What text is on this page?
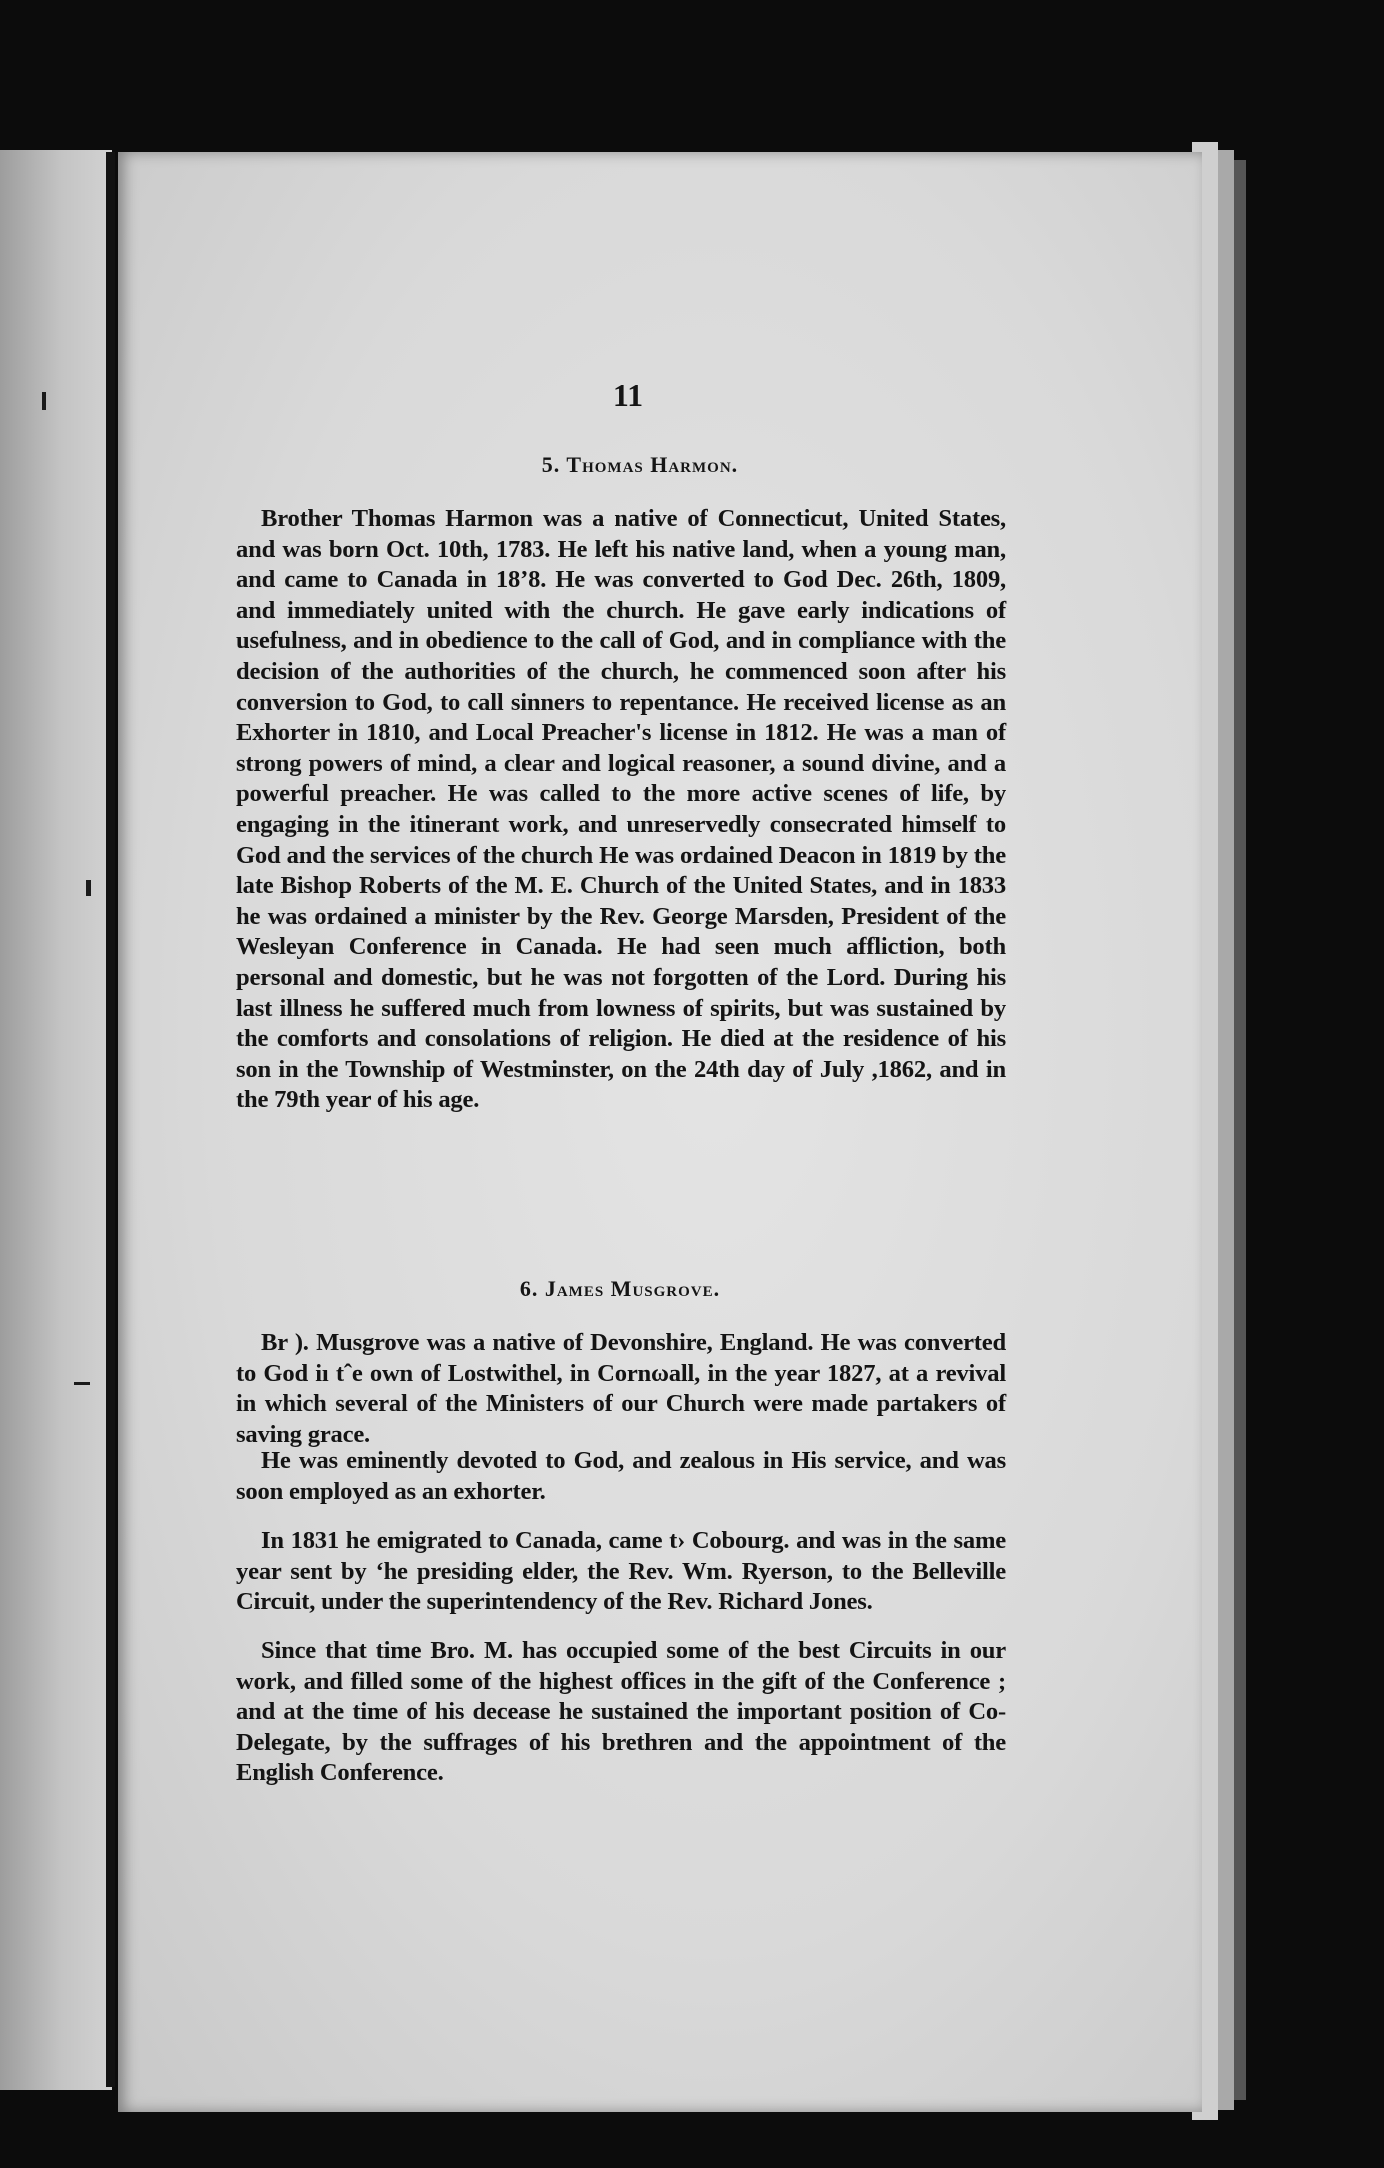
11
5. Thomas Harmon.

Brother Thomas Harmon was a native of Connecticut, United States, and was born Oct. 10th, 1783. He left his native land, when a young man, and came to Canada in 18’8. He was converted to God Dec. 26th, 1809, and immediately united with the church. He gave early indications of usefulness, and in obedience to the call of God, and in compliance with the decision of the authorities of the church, he commenced soon after his conversion to God, to call sinners to repentance. He received license as an Exhorter in 1810, and Local Preacher's license in 1812. He was a man of strong powers of mind, a clear and logical reasoner, a sound divine, and a powerful preacher. He was called to the more active scenes of life, by engaging in the itinerant work, and unreservedly consecrated himself to God and the services of the church He was ordained Deacon in 1819 by the late Bishop Roberts of the M. E. Church of the United States, and in 1833 he was ordained a minister by the Rev. George Marsden, President of the Wesleyan Conference in Canada. He had seen much affliction, both personal and domestic, but he was not forgotten of the Lord. During his last illness he suffered much from lowness of spirits, but was sustained by the comforts and consolations of religion. He died at the residence of his son in the Township of Westminster, on the 24th day of July ,1862, and in the 79th year of his age.

6. James Musgrove.

Br ). Musgrove was a native of Devonshire, England. He was converted to God iı tˆe own of Lostwithel, in Cornωall, in the year 1827, at a revival in which several of the Ministers of our Church were made partakers of saving grace.

He was eminently devoted to God, and zealous in His service, and was soon employed as an exhorter.

In 1831 he emigrated to Canada, came t› Cobourg. and was in the same year sent by ‘he presiding elder, the Rev. Wm. Ryerson, to the Belleville Circuit, under the superintendency of the Rev. Richard Jones.

Since that time Bro. M. has occupied some of the best Circuits in our work, and filled some of the highest offices in the gift of the Conference ; and at the time of his decease he sustained the important position of Co-Delegate, by the suffrages of his brethren and the appointment of the English Conference.
